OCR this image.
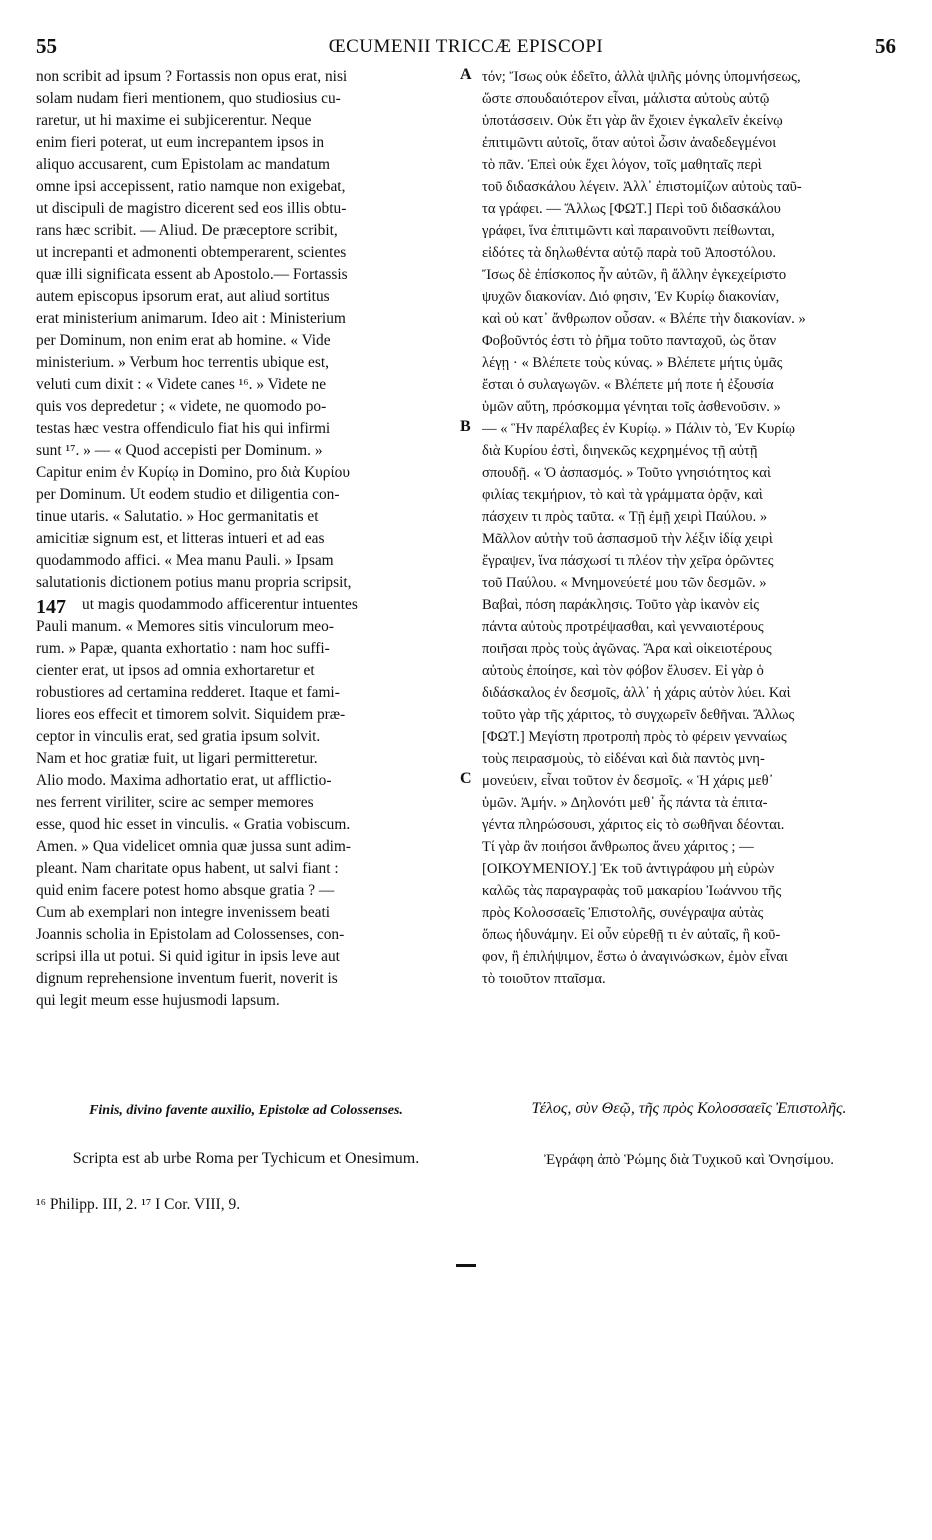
55	ŒCUMENII TRICCÆ EPISCOPI	56
non scribit ad ipsum ? Fortassis non opus erat, nisi
solam nudam fieri mentionem, quo studiosius cu-
raretur, ut hi maxime ei subjicerentur. Neque
enim fieri poterat, ut eum increpantem ipsos in
aliquo accusarent, cum Epistolam ac mandatum
omne ipsi accepissent, ratio namque non exigebat,
ut discipuli de magistro dicerent sed eos illis obtu-
rans hæc scribit. — Aliud. De præceptore scribit,
ut increpanti et admonenti obtemperarent, scientes
quæ illi significata essent ab Apostolo.— Fortassis
autem episcopus ipsorum erat, aut aliud sortitus
erat ministerium animarum. Ideo ait : Ministerium
per Dominum, non enim erat ab homine. « Vide
ministerium. » Verbum hoc terrentis ubique est,
veluti cum dixit : « Videte canes ¹⁶. » Videte ne
quis vos depredetur ; « videte, ne quomodo po-
testas hæc vestra offendiculo fiat his qui infirmi
sunt ¹⁷. » — « Quod accepisti per Dominum. »
Capitur enim ἐν Κυρίῳ in Domino, pro διὰ Κυρίου
per Dominum. Ut eodem studio et diligentia con-
tinue utaris. « Salutatio. » Hoc germanitatis et
amicitiæ signum est, et litteras intueri et ad eas
quodammodo affici. « Mea manu Pauli. » Ipsam
salutationis dictionem potius manu propria scripsit,
ut magis quodammodo afficerentur intuentes
Pauli manum. « Memores sitis vinculorum meo-
rum. » Papæ, quanta exhortatio : nam hoc suffi-
cienter erat, ut ipsos ad omnia exhortaretur et
robustiores ad certamina redderet. Itaque et fami-
liores eos effecit et timorem solvit. Siquidem præ-
ceptor in vinculis erat, sed gratia ipsum solvit.
Nam et hoc gratiæ fuit, ut ligari permitteretur.
Alio modo. Maxima adhortatio erat, ut afflictio-
nes ferrent viriliter, scire ac semper memores
esse, quod hic esset in vinculis. « Gratia vobiscum.
Amen. » Qua videlicet omnia quæ jussa sunt adim-
pleant. Nam charitate opus habent, ut salvi fiant :
quid enim facere potest homo absque gratia ? —
Cum ab exemplari non integre invenissem beati
Joannis scholia in Epistolam ad Colossenses, con-
scripsi illa ut potui. Si quid igitur in ipsis leve aut
dignum reprehensione inventum fuerit, noverit is
qui legit meum esse hujusmodi lapsum.
τόν; Ἴσως οὐκ ἐδεῖτο, ἀλλὰ ψιλῆς μόνης ὑπομνήσεως,
ὥστε σπουδαιότερον εἶναι, μάλιστα αὐτοὺς αὐτῷ
ὑποτάσσειν. Οὐκ ἔτι γὰρ ἂν ἔχοιεν ἐγκαλεῖν ἐκείνῳ
ἐπιτιμῶντι αὐτοῖς, ὅταν αὐτοὶ ὦσιν ἀναδεδεγμένοι
τὸ πᾶν. Ἐπεὶ οὐκ ἔχει λόγον, τοῖς μαθηταῖς περὶ
τοῦ διδασκάλου λέγειν. Ἀλλ᾽ ἐπιστομίζων αὐτοὺς ταῦ-
τα γράφει. — Ἄλλως [ΦΩΤ.] Περὶ τοῦ διδασκάλου
γράφει, ἵνα ἐπιτιμῶντι καὶ παραινοῦντι πείθωνται,
εἰδότες τὰ δηλωθέντα αὐτῷ παρὰ τοῦ Ἀποστόλου.
Ἴσως δὲ ἐπίσκοπος ἦν αὐτῶν, ἢ ἄλλην ἐγκεχείριστο
ψυχῶν διακονίαν. Διό φησιν, Ἐν Κυρίῳ διακονίαν,
καὶ οὐ κατ᾽ ἄνθρωπον οὖσαν. « Βλέπε τὴν διακονίαν. »
Φοβοῦντός ἐστι τὸ ῥῆμα τοῦτο πανταχοῦ, ὡς ὅταν
λέγῃ · « Βλέπετε τοὺς κύνας. » Βλέπετε μήτις ὑμᾶς
ἔσται ὁ συλαγωγῶν. « Βλέπετε μή ποτε ἡ ἐξουσία
ὑμῶν αὕτη, πρόσκομμα γένηται τοῖς ἀσθενοῦσιν. »
— « Ἣν παρέλαβες ἐν Κυρίῳ. » Πάλιν τὸ, Ἐν Κυρίῳ
διὰ Κυρίου ἐστὶ, διηνεκῶς κεχρημένος τῇ αὐτῇ
σπουδῇ. « Ὁ ἀσπασμός. » Τοῦτο γνησιότητος καὶ
φιλίας τεκμήριον, τὸ καὶ τὰ γράμματα ὁρᾷν, καὶ
πάσχειν τι πρὸς ταῦτα. « Τῇ ἐμῇ χειρὶ Παύλου. »
Μᾶλλον αὐτὴν τοῦ ἀσπασμοῦ τὴν λέξιν ἰδίᾳ χειρὶ
ἔγραψεν, ἵνα πάσχωσί τι πλέον τὴν χεῖρα ὁρῶντες
τοῦ Παύλου. « Μνημονεύετέ μου τῶν δεσμῶν. »
Βαβαὶ, πόση παράκλησις. Τοῦτο γὰρ ἱκανὸν εἰς
πάντα αὐτοὺς προτρέψασθαι, καὶ γενναιοτέρους
ποιῆσαι πρὸς τοὺς ἀγῶνας. Ἄρα καὶ οἰκειοτέρους
αὐτοὺς ἐποίησε, καὶ τὸν φόβον ἔλυσεν. Εἰ γὰρ ὁ
διδάσκαλος ἐν δεσμοῖς, ἀλλ᾽ ἡ χάρις αὐτὸν λύει. Καὶ
τοῦτο γὰρ τῆς χάριτος, τὸ συγχωρεῖν δεθῆναι. Ἄλλως
[ΦΩΤ.] Μεγίστη προτροπὴ πρὸς τὸ φέρειν γενναίως
τοὺς πειρασμοὺς, τὸ εἰδέναι καὶ διὰ παντὸς μνη-
μονεύειν, εἶναι τοῦτον ἐν δεσμοῖς. « Ἡ χάρις μεθ᾽
ὑμῶν. Ἀμήν. » Δηλονότι μεθ᾽ ἧς πάντα τὰ ἐπιτα-
γέντα πληρώσουσι, χάριτος εἰς τὸ σωθῆναι δέονται.
Τί γὰρ ἂν ποιήσοι ἄνθρωπος ἄνευ χάριτος ; —
[ΟΙΚΟΥΜΕΝΙΟΥ.] Ἐκ τοῦ ἀντιγράφου μὴ εὑρὼν
καλῶς τὰς παραγραφὰς τοῦ μακαρίου Ἰωάννου τῆς
πρὸς Κολοσσαεῖς Ἐπιστολῆς, συνέγραψα αὐτὰς
ὅπως ἠδυνάμην. Εἰ οὖν εὑρεθῇ τι ἐν αὐταῖς, ἢ κοῦ-
φον, ἢ ἐπιλήψιμον, ἔστω ὁ ἀναγινώσκων, ἐμὸν εἶναι
τὸ τοιοῦτον πταῖσμα.
A
B
C
147
Finis, divino favente auxilio, Epistolæ ad Colossenses.
Scripta est ab urbe Roma per Tychicum et Onesimum.
Τέλος, σὺν Θεῷ, τῆς πρὸς Κολοσσαεῖς Ἐπιστολῆς.
Ἐγράφη ἀπὸ Ῥώμης διὰ Τυχικοῦ καὶ Ὀνησίμου.
¹⁶ Philipp. III, 2. ¹⁷ I Cor. VIII, 9.
